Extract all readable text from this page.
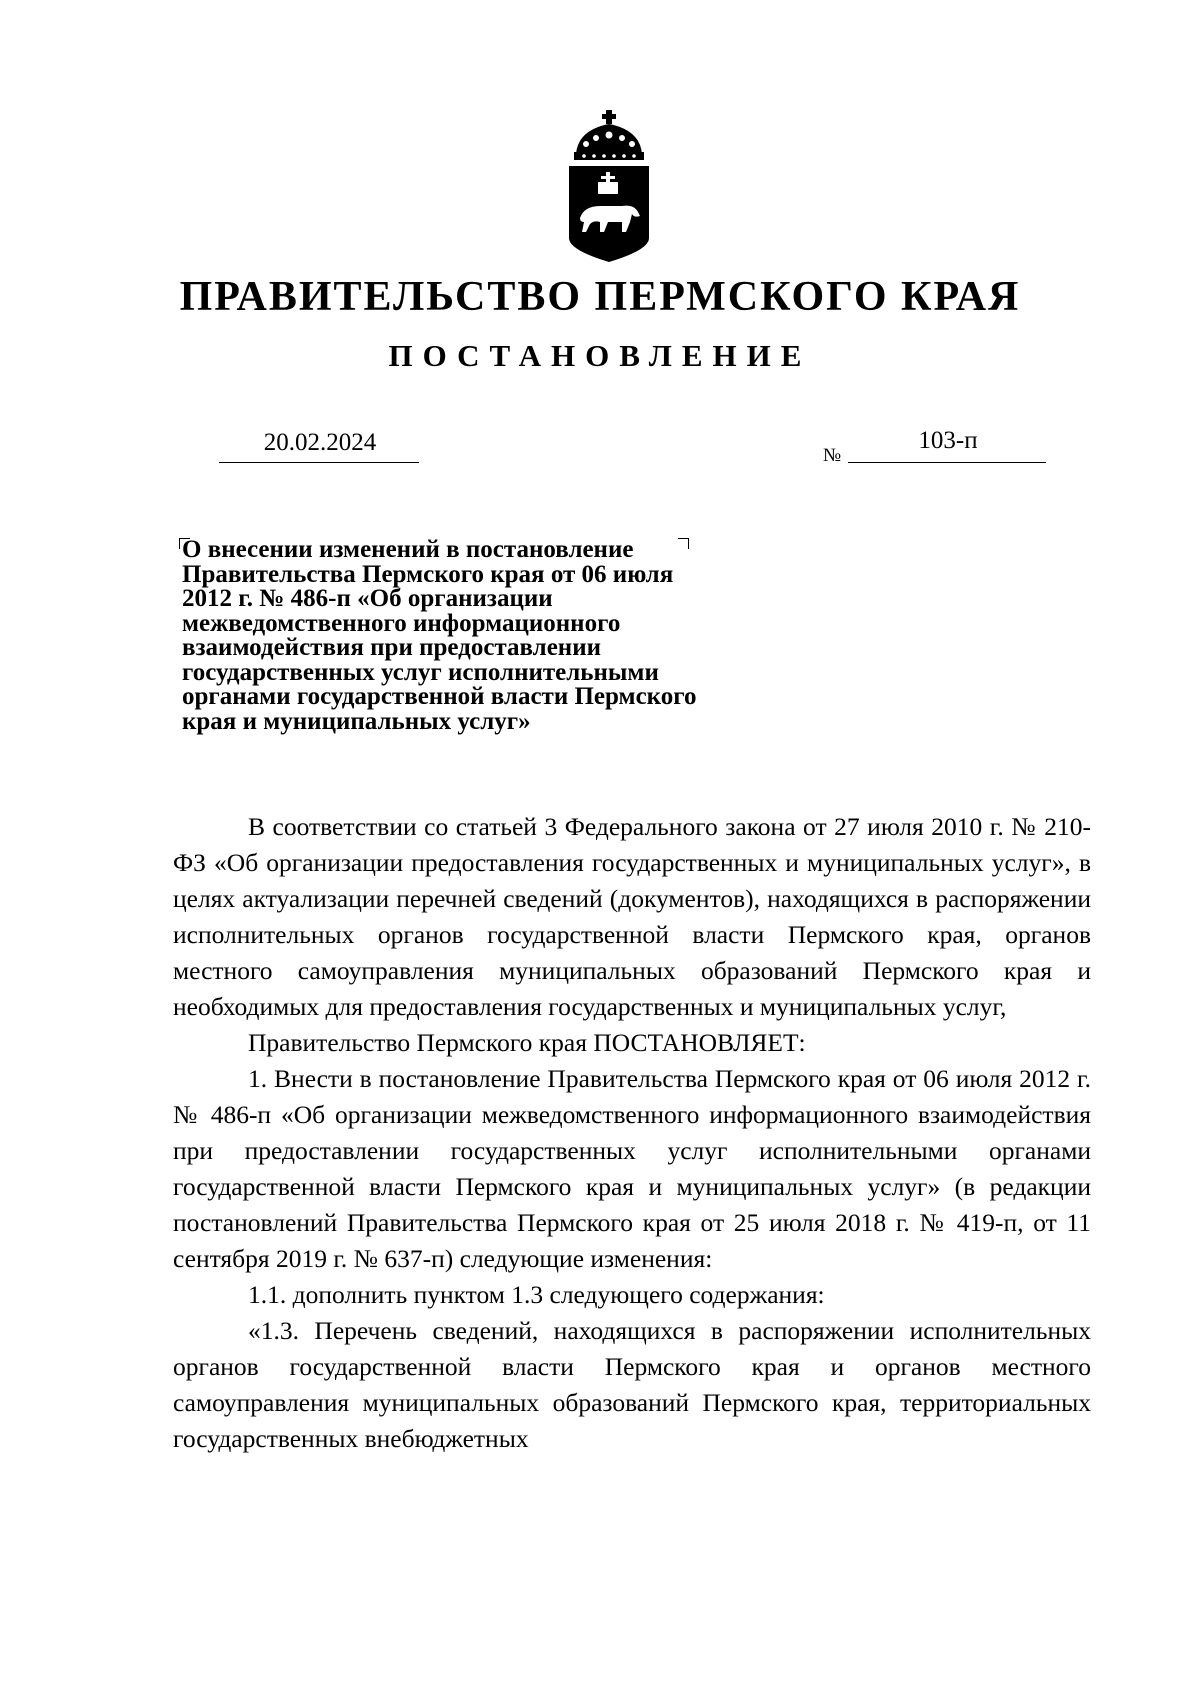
ПРАВИТЕЛЬСТВО ПЕРМСКОГО КРАЯ
ПОСТАНОВЛЕНИЕ
20.02.2024	№
103-п
О внесении изменений в постановление
Правительства Пермского края от 06 июля
2012 г. № 486-п «Об организации
межведомственного информационного
взаимодействия при предоставлении
государственных услуг исполнительными
органами государственной власти Пермского
края и муниципальных услуг»

В соответствии со статьей 3 Федерального закона от 27 июля 2010 г. № 210-ФЗ «Об организации предоставления государственных и муниципальных услуг», в целях актуализации перечней сведений (документов), находящихся в распоряжении исполнительных органов государственной власти Пермского края, органов местного самоуправления муниципальных образований Пермского края и необходимых для предоставления государственных и муниципальных услуг,

Правительство Пермского края ПОСТАНОВЛЯЕТ:

1. Внести в постановление Правительства Пермского края от 06 июля 2012 г. № 486-п «Об организации межведомственного информационного взаимодействия при предоставлении государственных услуг исполнительными органами государственной власти Пермского края и муниципальных услуг» (в редакции постановлений Правительства Пермского края от 25 июля 2018 г. № 419-п, от 11 сентября 2019 г. № 637-п) следующие изменения:

1.1. дополнить пунктом 1.3 следующего содержания:

«1.3. Перечень сведений, находящихся в распоряжении исполнительных органов государственной власти Пермского края и органов местного самоуправления муниципальных образований Пермского края, территориальных государственных внебюджетных
